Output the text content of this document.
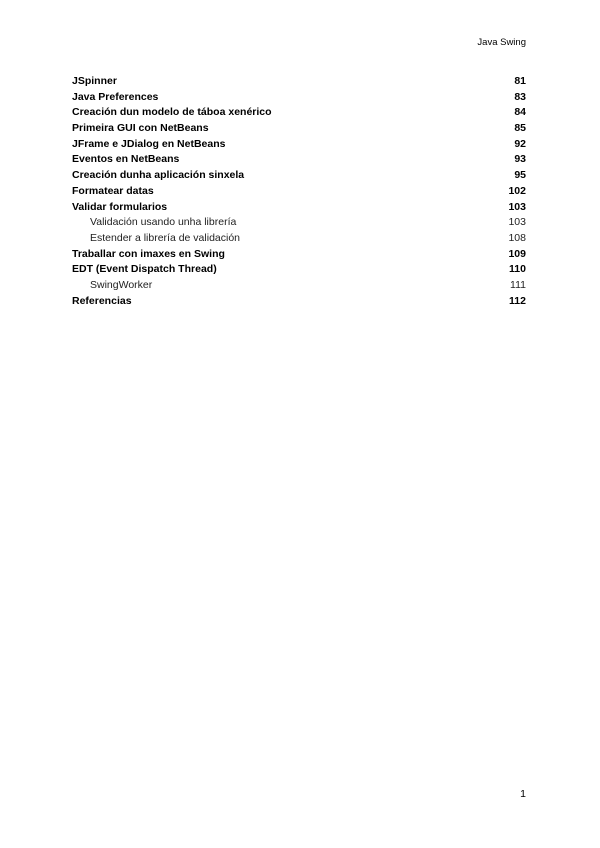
Java Swing
JSpinner	81
Java Preferences	83
Creación dun modelo de táboa xenérico	84
Primeira GUI con NetBeans	85
JFrame e JDialog en NetBeans	92
Eventos en NetBeans	93
Creación dunha aplicación sinxela	95
Formatear datas	102
Validar formularios	103
Validación usando unha librería	103
Estender a librería de validación	108
Traballar con imaxes en Swing	109
EDT (Event Dispatch Thread)	110
SwingWorker	111
Referencias	112
1
